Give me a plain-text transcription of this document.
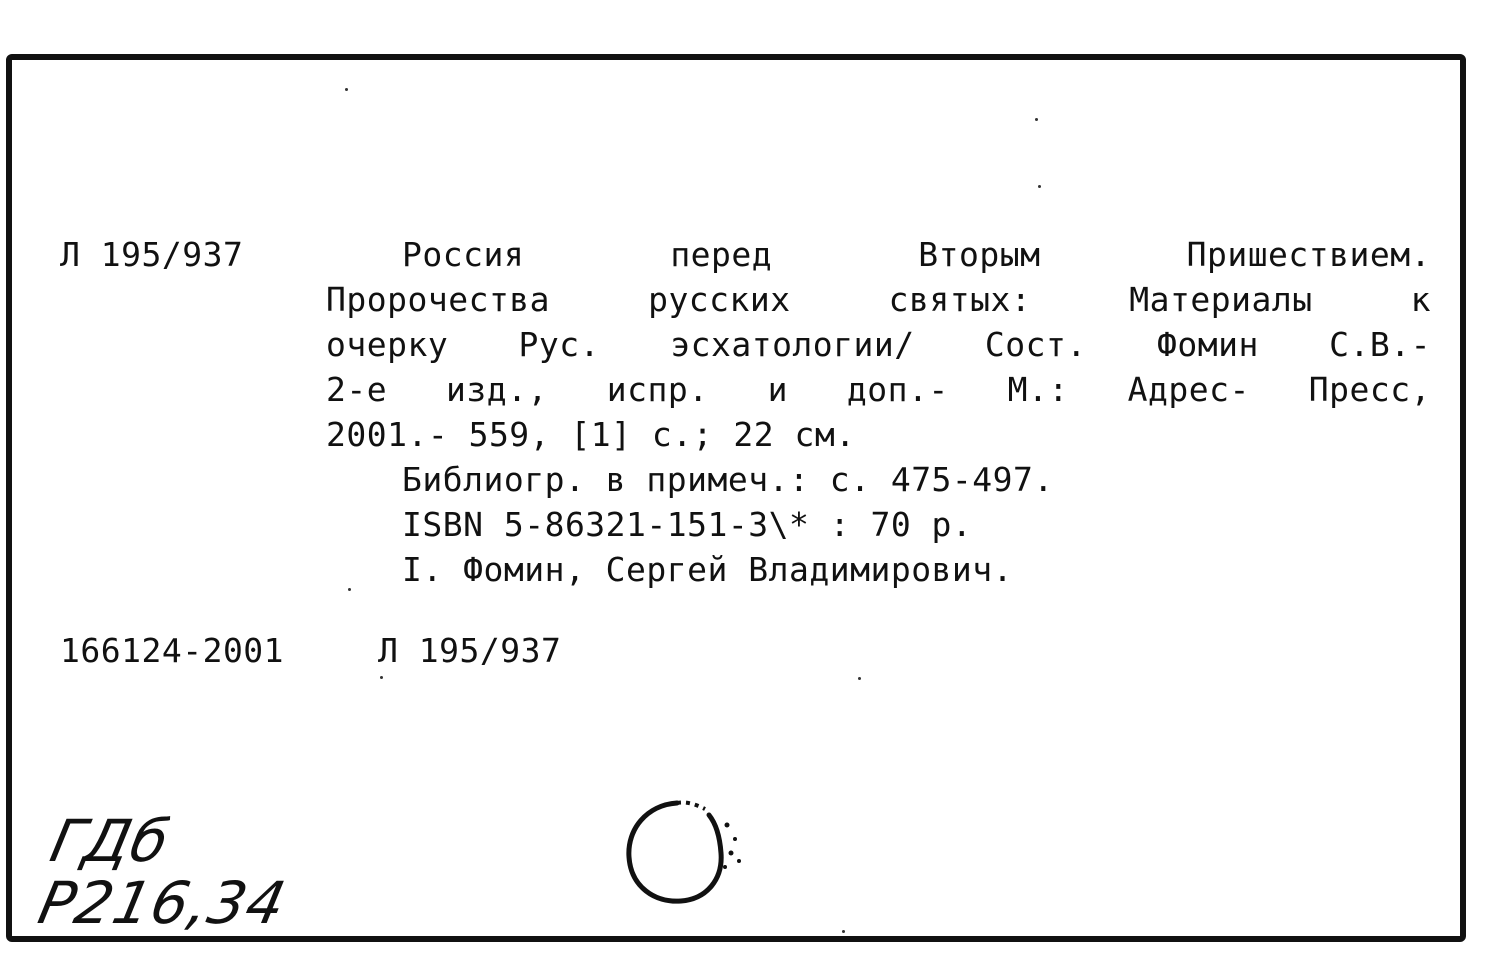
Л 195/937	Россия перед Вторым Пришествием.
Пророчества русских святых: Материалы к
очерку Рус. эсхатологии/ Сост. Фомин С.В.-
2-е изд., испр. и доп.- М.: Адрес- Пресс,
2001.- 559, [1] с.; 22 см.
Библиогр. в примеч.: с. 475-497.
ISBN 5-86321-151-3\* : 70 р.
I. Фомин, Сергей Владимирович.
166124-2001	Л 195/937
ГДб
Р216,34
